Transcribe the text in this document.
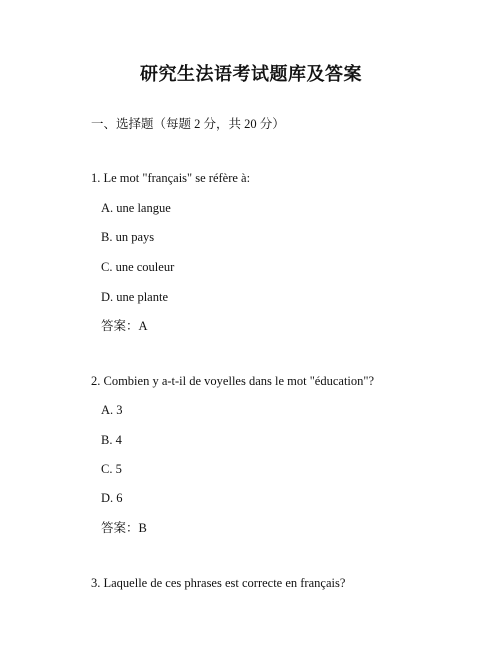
研究生法语考试题库及答案
一、选择题（每题 2 分，共 20 分）
1. Le mot "français" se réfère à:
A. une langue
B. un pays
C. une couleur
D. une plante
答案：A
2. Combien y a-t-il de voyelles dans le mot "éducation"?
A. 3
B. 4
C. 5
D. 6
答案：B
3. Laquelle de ces phrases est correcte en français?
